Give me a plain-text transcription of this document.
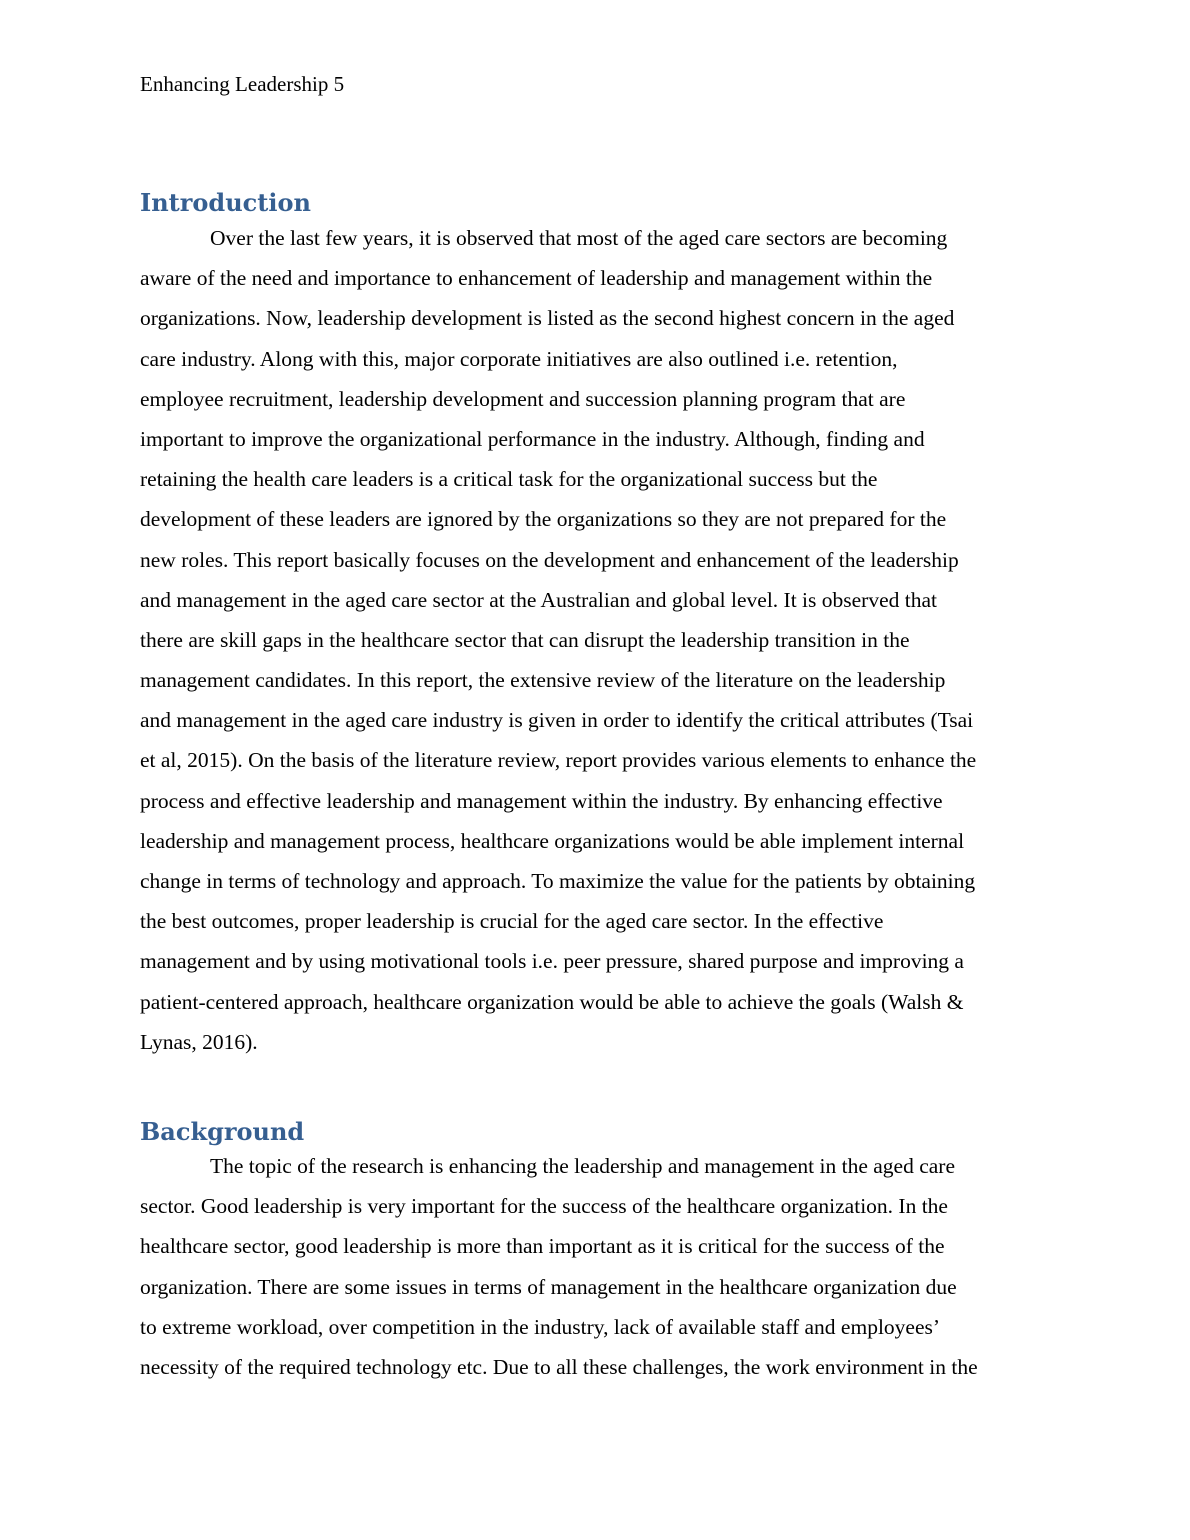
Enhancing Leadership 5
Introduction
Over the last few years, it is observed that most of the aged care sectors are becoming
aware of the need and importance to enhancement of leadership and management within the
organizations. Now, leadership development is listed as the second highest concern in the aged
care industry. Along with this, major corporate initiatives are also outlined i.e. retention,
employee recruitment, leadership development and succession planning program that are
important to improve the organizational performance in the industry. Although, finding and
retaining the health care leaders is a critical task for the organizational success but the
development of these leaders are ignored by the organizations so they are not prepared for the
new roles. This report basically focuses on the development and enhancement of the leadership
and management in the aged care sector at the Australian and global level. It is observed that
there are skill gaps in the healthcare sector that can disrupt the leadership transition in the
management candidates. In this report, the extensive review of the literature on the leadership
and management in the aged care industry is given in order to identify the critical attributes (Tsai
et al, 2015). On the basis of the literature review, report provides various elements to enhance the
process and effective leadership and management within the industry. By enhancing effective
leadership and management process, healthcare organizations would be able implement internal
change in terms of technology and approach. To maximize the value for the patients by obtaining
the best outcomes, proper leadership is crucial for the aged care sector. In the effective
management and by using motivational tools i.e. peer pressure, shared purpose and improving a
patient-centered approach, healthcare organization would be able to achieve the goals (Walsh &
Lynas, 2016).
Background
The topic of the research is enhancing the leadership and management in the aged care
sector. Good leadership is very important for the success of the healthcare organization. In the
healthcare sector, good leadership is more than important as it is critical for the success of the
organization. There are some issues in terms of management in the healthcare organization due
to extreme workload, over competition in the industry, lack of available staff and employees’
necessity of the required technology etc. Due to all these challenges, the work environment in the
